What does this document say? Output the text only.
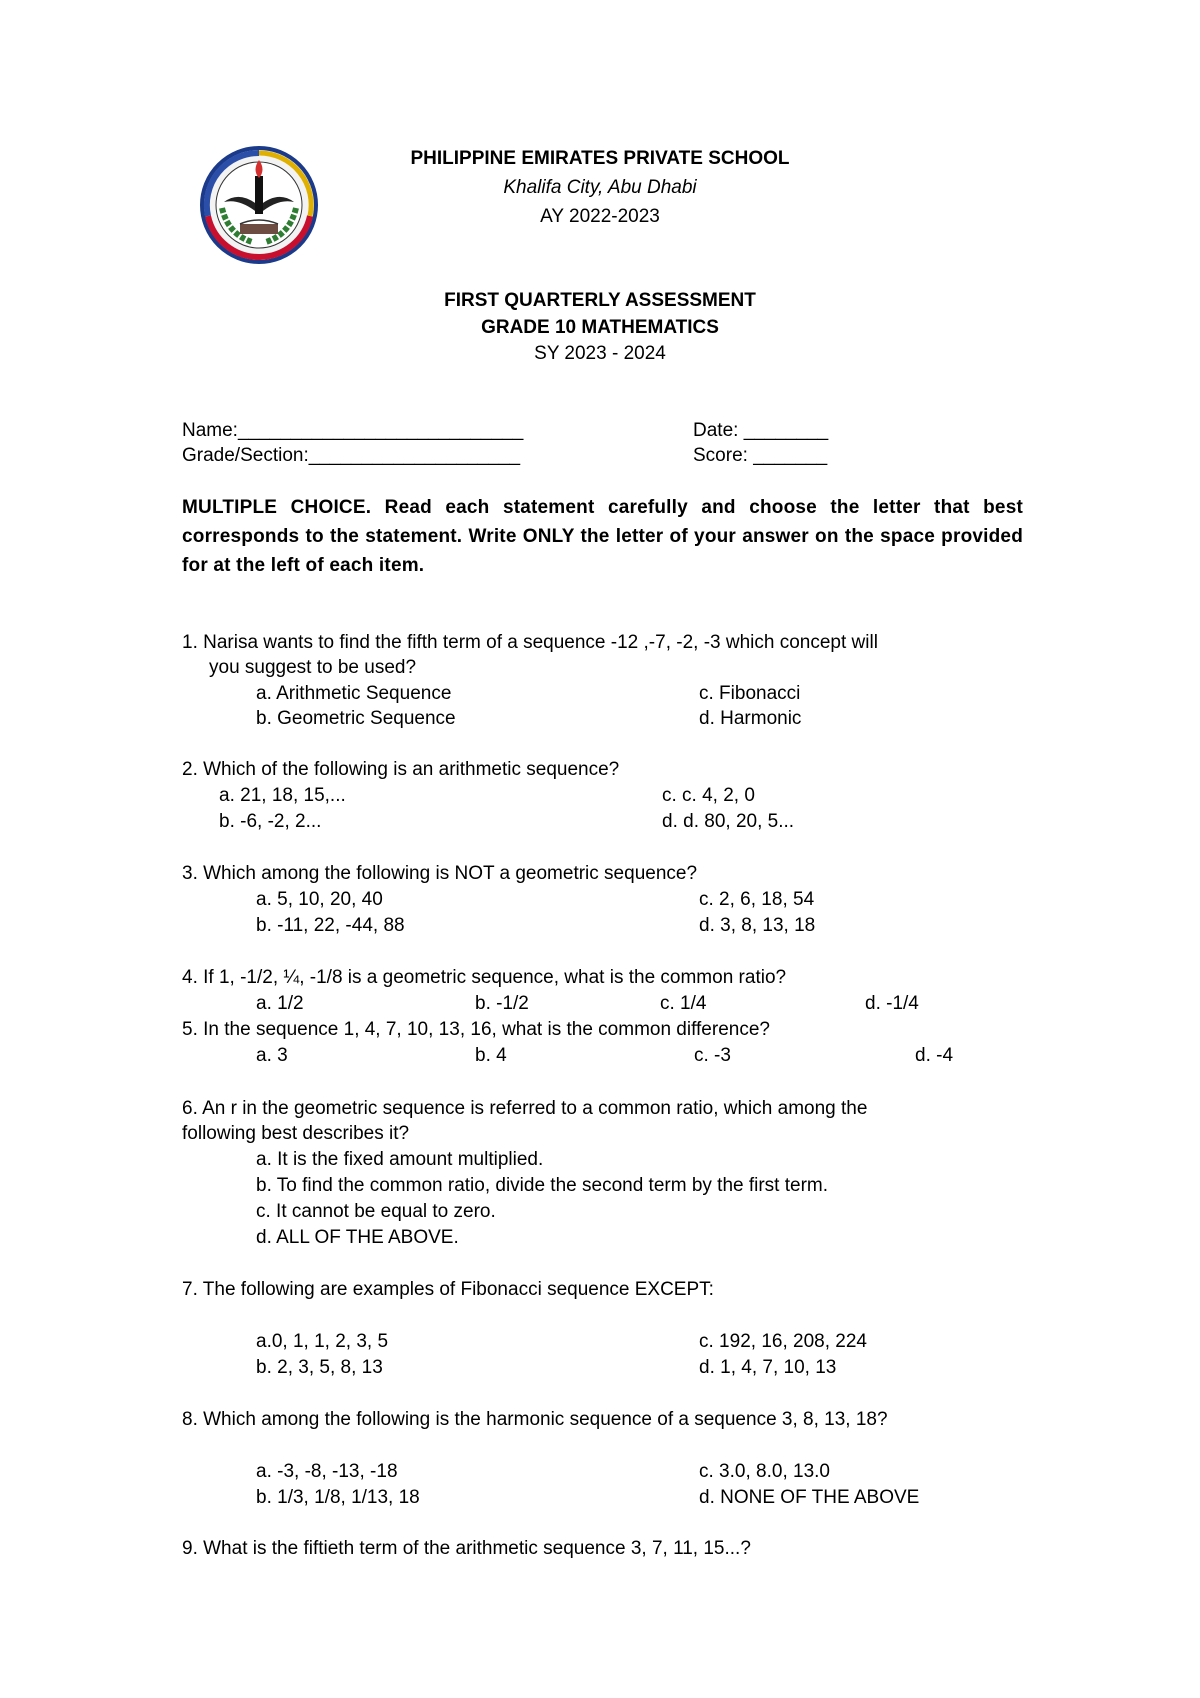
PHILIPPINE EMIRATES PRIVATE SCHOOL
Khalifa City, Abu Dhabi
AY 2022-2023
FIRST QUARTERLY ASSESSMENT
GRADE 10 MATHEMATICS
SY 2023 - 2024
Name:___________________________	Date: ________
Grade/Section:____________________	Score: _______
MULTIPLE CHOICE. Read each statement carefully and choose the letter that best corresponds to the statement. Write ONLY the letter of your answer on the space provided for at the left of each item.
1. Narisa wants to find the fifth term of a sequence -12 ,-7, -2, -3 which concept will
you suggest to be used?
a. Arithmetic Sequence
b. Geometric Sequence
c. Fibonacci
d. Harmonic
2. Which of the following is an arithmetic sequence?
a. 21, 18, 15,...
b. -6, -2, 2...
c. c. 4, 2, 0
d. d. 80, 20, 5...
3. Which among the following is NOT a geometric sequence?
a. 5, 10, 20, 40
b. -11, 22, -44, 88
c. 2, 6, 18, 54
d. 3, 8, 13, 18
4. If 1, -1/2, ¼, -1/8 is a geometric sequence, what is the common ratio?
a. 1/2	b. -1/2	c. 1/4	d. -1/4
5. In the sequence 1, 4, 7, 10, 13, 16, what is the common difference?
a. 3	b. 4	c. -3	d. -4
6. An r in the geometric sequence is referred to a common ratio, which among the
following best describes it?
a. It is the fixed amount multiplied.
b. To find the common ratio, divide the second term by the first term.
c. It cannot be equal to zero.
d. ALL OF THE ABOVE.
7. The following are examples of Fibonacci sequence EXCEPT:
a.0, 1, 1, 2, 3, 5
b. 2, 3, 5, 8, 13
c. 192, 16, 208, 224
d. 1, 4, 7, 10, 13
8. Which among the following is the harmonic sequence of a sequence 3, 8, 13, 18?
a. -3, -8, -13, -18
b. 1/3, 1/8, 1/13, 18
c. 3.0, 8.0, 13.0
d. NONE OF THE ABOVE
9. What is the fiftieth term of the arithmetic sequence 3, 7, 11, 15...?
